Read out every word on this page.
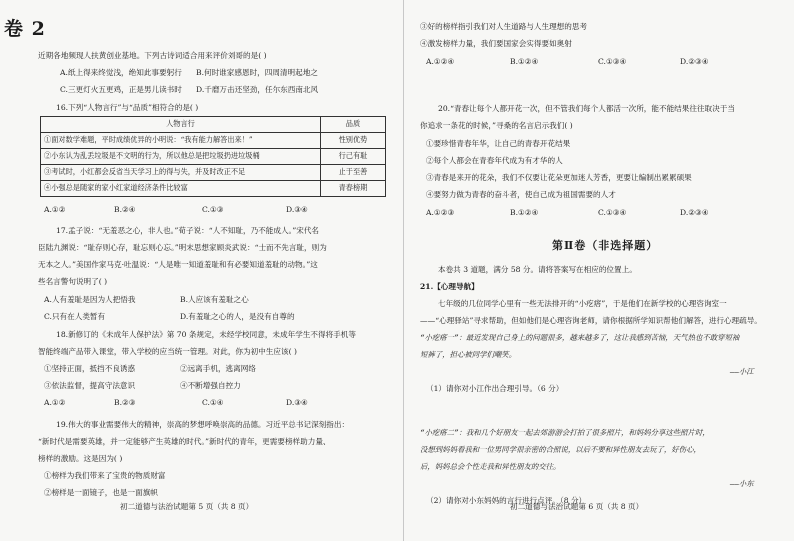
卷 2
人物言行	品质
①面对数学难题，平时成绩优异的小明说：“我有能力解答出来！”	性别优势
②小东认为乱丢垃圾是不文明的行为，所以他总是把垃圾扔进垃圾桶	行己有耻
③考试时，小红都会反省当天学习上的得与失，并及时改正不足	止于至善
④小强总是随家的家小红家道经济条件比较富	青春榜期
初二道德与法治试题第 5 页（共 8 页）
近期各地频现人扶黄创业基地。下列古诗词适合用来评价刘哥的是( )
A.纸上得来终觉浅，绝知此事要躬行 B.何时谁家感恩时，四周清明起地之
C.三更灯火五更鸡，正是男儿读书时 D.千磨万击还坚劲，任尔东西南北风
16.下列“人物言行”与“品质”相符合的是( )
A.①②	B.②④	C.①③	D.③④
17.孟子说：“无羞恶之心，非人也。”荀子说：“人不知耻，乃不能成人。”宋代名
臣陆九渊说：“耻存则心存，耻忘则心忘。”明末思想家顾炎武说：“士而不先言耻，则为
无本之人。”美国作家马克·吐温说：“人是唯一知道羞耻和有必要知道羞耻的动物。”这
些名言警句说明了( )
A.人有羞耻是因为人把悟我	B.人应该有羞耻之心
C.只有在人类暂有	D.有羞耻之心的人，是没有自尊的
18.新修订的《未成年人保护法》第 70 条规定，未经学校同意，未成年学生不得将手机等
智能终端产品带入课堂，带入学校的应当统一管理。对此，你为初中生应该( )
①坚持正面，抵挡不良诱惑	②远离手机，逃离网络
③依法监督，提高守法意识	④不断增强自控力
A.①②	B.②③	C.①④	D.③④
19.伟大的事业需要伟大的精神，崇高的梦想呼唤崇高的品德。习近平总书记深刻指出：
“新时代是需要英雄，并一定能够产生英雄的时代。”新时代的青年，更需要榜样助力量、
榜样的激励。这是因为( )
①榜样为我们带来了宝贵的物质财富
②榜样是一面镜子，也是一面旗帜
第Ⅱ卷（非选择题）
初二道德与法治试题第 6 页（共 8 页）
③好的榜样指引我们对人生道路与人生理想的思考
④激发榜样力量，我们要国家会实得要如奥射
A.①②④	B.①②④	C.①③④	D.②③④
20.“青春让每个人都开花一次，但不管我们每个人都活一次所，能不能结果往往取决于当
你追求一条花的时候，”寻桑的名言启示我们( )
①要珍惜青春年华，让自己的青春开花结果
②每个人都会在青春年代成为有才华的人
③青春是来开的花朵，我们不仅要让花朵更加迷人芳香，更要让编制出累累硕果
④要努力做为青春的奋斗者，使自己成为祖国需要的人才
A.①②③	B.①②④	C.①③④	D.②③④
本卷共 3 道题，满分 58 分。请将答案写在相应的位置上。
21.【心理导航】
七年级的几位同学心里有一些无法排开的“小疙瘩”，于是他们在新学校的心理咨询室一
——“心理驿站”寻求帮助，但如他们是心理咨询老师，请你根据所学知识帮他们解答，进行心理疏导。
“小疙瘩一”：最近发现自己身上的问题很多，越来越多了，这让我感到苦恼，天气热也不敢穿短袖
短裤了，担心被同学们嘲笑。
——小江
（1）请你对小江作出合理引导。（6 分）
“小疙瘩二”：我和几个好朋友一起去郊游游会打拍了很多照片，和妈妈分享这些照片时，
没想到妈妈看我和一位男同学很亲密的合照说，以后不要和异性朋友去玩了，好伤心，
后，妈妈总会个性走我和异性朋友的交往。
——小东
（2）请你对小东妈妈的言行进行点评。（8 分）
